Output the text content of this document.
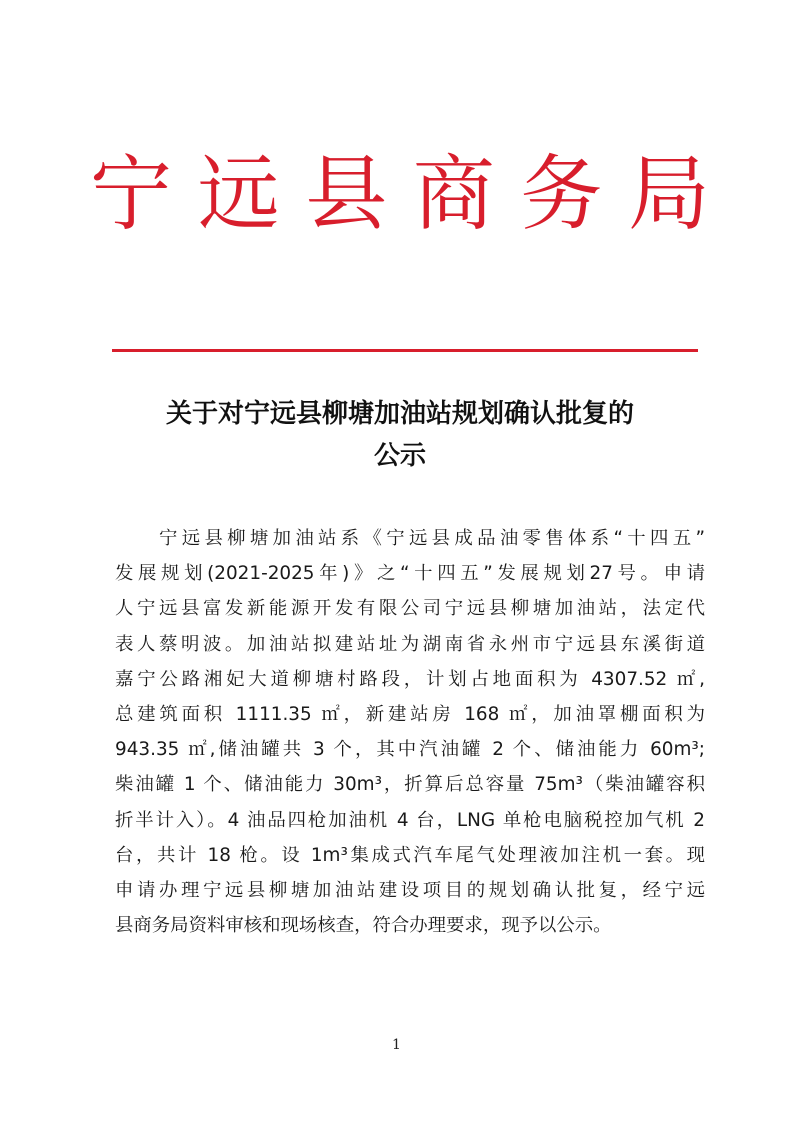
宁 远 县 商 务 局
关于对宁远县柳塘加油站规划确认批复的
公示
宁远县柳塘加油站系《宁远县成品油零售体系“十四五”
发展规划(2021-2025年)》之“十四五”发展规划27号。申请
人宁远县富发新能源开发有限公司宁远县柳塘加油站，法定代
表人蔡明波。加油站拟建站址为湖南省永州市宁远县东溪街道
嘉宁公路湘妃大道柳塘村路段，计划占地面积为 4307.52 ㎡,
总建筑面积 1111.35 ㎡，新建站房 168 ㎡，加油罩棚面积为
943.35 ㎡,储油罐共 3 个，其中汽油罐 2 个、储油能力 60m³;
柴油罐 1 个、储油能力 30m³，折算后总容量 75m³（柴油罐容积
折半计入）。4 油品四枪加油机 4 台，LNG 单枪电脑税控加气机 2
台，共计 18 枪。设 1m³集成式汽车尾气处理液加注机一套。现
申请办理宁远县柳塘加油站建设项目的规划确认批复，经宁远
县商务局资料审核和现场核查，符合办理要求，现予以公示。
1
